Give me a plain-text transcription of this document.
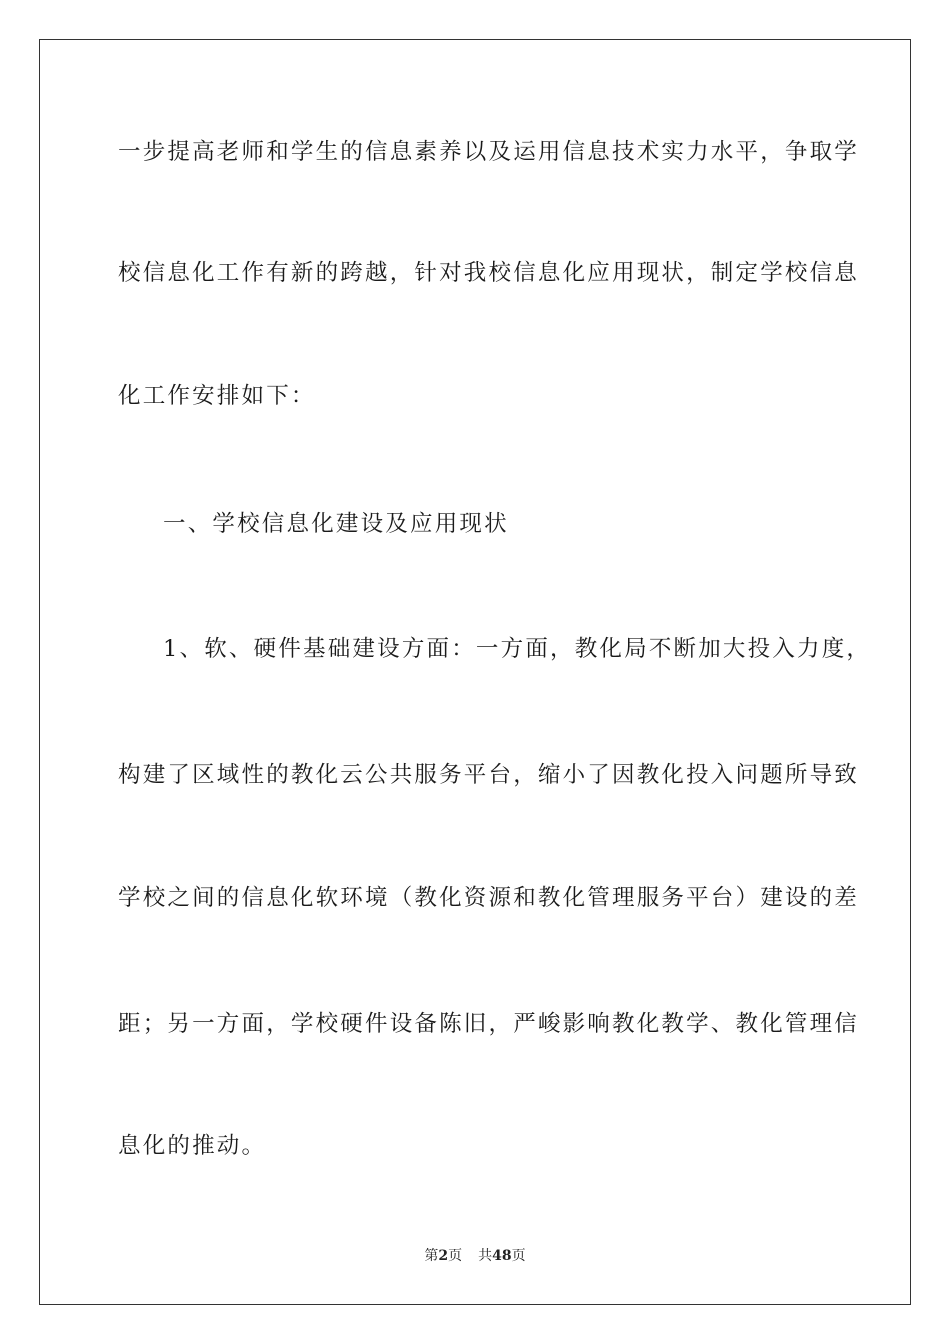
一步提高老师和学生的信息素养以及运用信息技术实力水平，争取学
校信息化工作有新的跨越，针对我校信息化应用现状，制定学校信息
化工作安排如下：
一、学校信息化建设及应用现状
1、软、硬件基础建设方面：一方面，教化局不断加大投入力度，
构建了区域性的教化云公共服务平台，缩小了因教化投入问题所导致
学校之间的信息化软环境（教化资源和教化管理服务平台）建设的差
距；另一方面，学校硬件设备陈旧，严峻影响教化教学、教化管理信
息化的推动。
第2页 共48页
